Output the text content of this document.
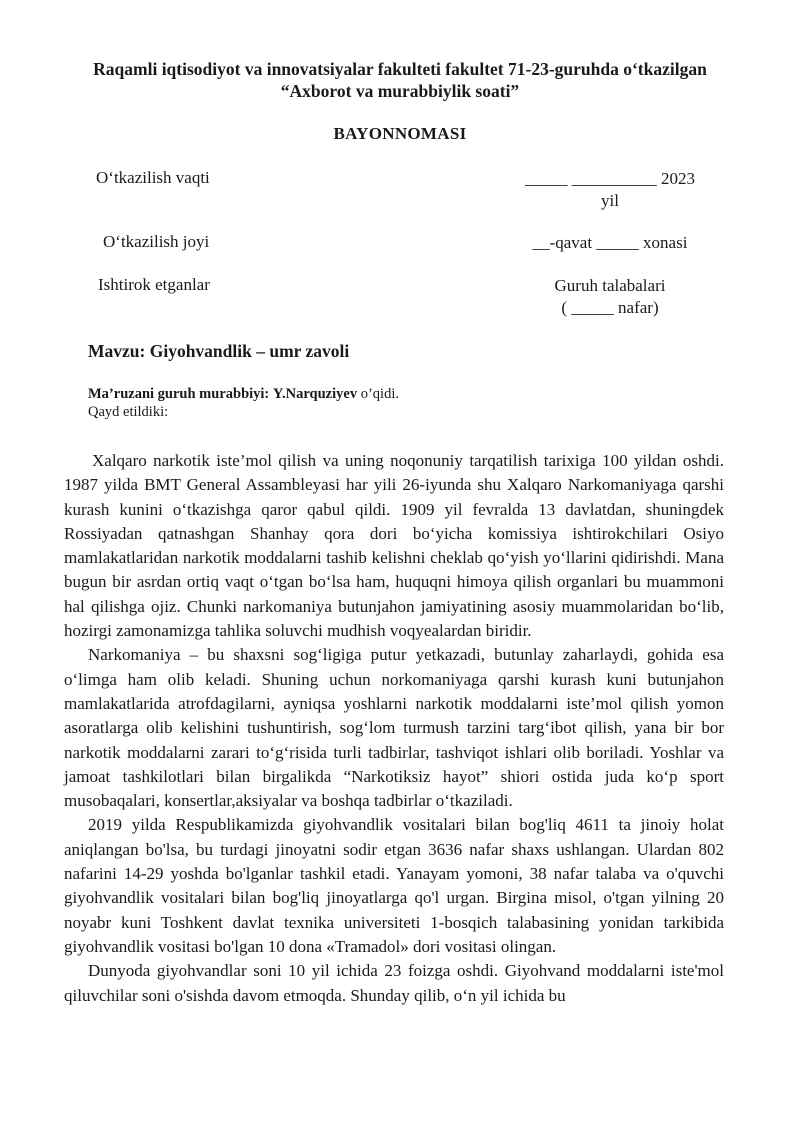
Raqamli iqtisodiyot va innovatsiyalar fakulteti fakultet 71-23-guruhda o‘tkazilgan
“Axborot va murabbiylik soati”
BAYONNOMASI
O‘tkazilish vaqti	_____ __________ 2023
yil
O‘tkazilish joyi	__-qavat _____ xonasi
Ishtirok etganlar	Guruh talabalari
( _____ nafar)
Mavzu: Giyohvandlik – umr zavoli
Ma’ruzani guruh murabbiyi: Y.Narquziyev o’qidi.
Qayd etildiki:

Xalqaro narkotik iste’mol qilish va uning noqonuniy tarqatilish tarixiga 100 yildan oshdi. 1987 yilda BMT General Assambleyasi har yili 26-iyunda shu Xalqaro Narkomaniyaga qarshi kurash kunini o‘tkazishga qaror qabul qildi. 1909 yil fevralda 13 davlatdan, shuningdek Rossiyadan qatnashgan Shanhay qora dori bo‘yicha komissiya ishtirokchilari Osiyo mamlakatlaridan narkotik moddalarni tashib kelishni cheklab qo‘yish yo‘llarini qidirishdi. Mana bugun bir asrdan ortiq vaqt o‘tgan bo‘lsa ham, huquqni himoya qilish organlari bu muammoni hal qilishga ojiz. Chunki narkomaniya butunjahon jamiyatining asosiy muammolaridan bo‘lib, hozirgi zamonamizga tahlika soluvchi mudhish voqyealardan biridir.

Narkomaniya – bu shaxsni sog‘ligiga putur yetkazadi, butunlay zaharlaydi, gohida esa o‘limga ham olib keladi. Shuning uchun norkomaniyaga qarshi kurash kuni butunjahon mamlakatlarida atrofdagilarni, ayniqsa yoshlarni narkotik moddalarni iste’mol qilish yomon asoratlarga olib kelishini tushuntirish, sog‘lom turmush tarzini targ‘ibot qilish, yana bir bor narkotik moddalarni zarari to‘g‘risida turli tadbirlar, tashviqot ishlari olib boriladi. Yoshlar va jamoat tashkilotlari bilan birgalikda “Narkotiksiz hayot” shiori ostida juda ko‘p sport musobaqalari, konsertlar,aksiyalar va boshqa tadbirlar o‘tkaziladi.

2019 yilda Respublikamizda giyohvandlik vositalari bilan bog'liq 4611 ta jinoiy holat aniqlangan bo'lsa, bu turdagi jinoyatni sodir etgan 3636 nafar shaxs ushlangan. Ulardan 802 nafarini 14-29 yoshda bo'lganlar tashkil etadi. Yanayam yomoni, 38 nafar talaba va o'quvchi giyohvandlik vositalari bilan bog'liq jinoyatlarga qo'l urgan. Birgina misol, o'tgan yilning 20 noyabr kuni Toshkent davlat texnika universiteti 1-bosqich talabasining yonidan tarkibida giyohvandlik vositasi bo'lgan 10 dona «Tramadol» dori vositasi olingan.

Dunyoda giyohvandlar soni 10 yil ichida 23 foizga oshdi. Giyohvand moddalarni iste'mol qiluvchilar soni o'sishda davom etmoqda. Shunday qilib, o‘n yil ichida bu
